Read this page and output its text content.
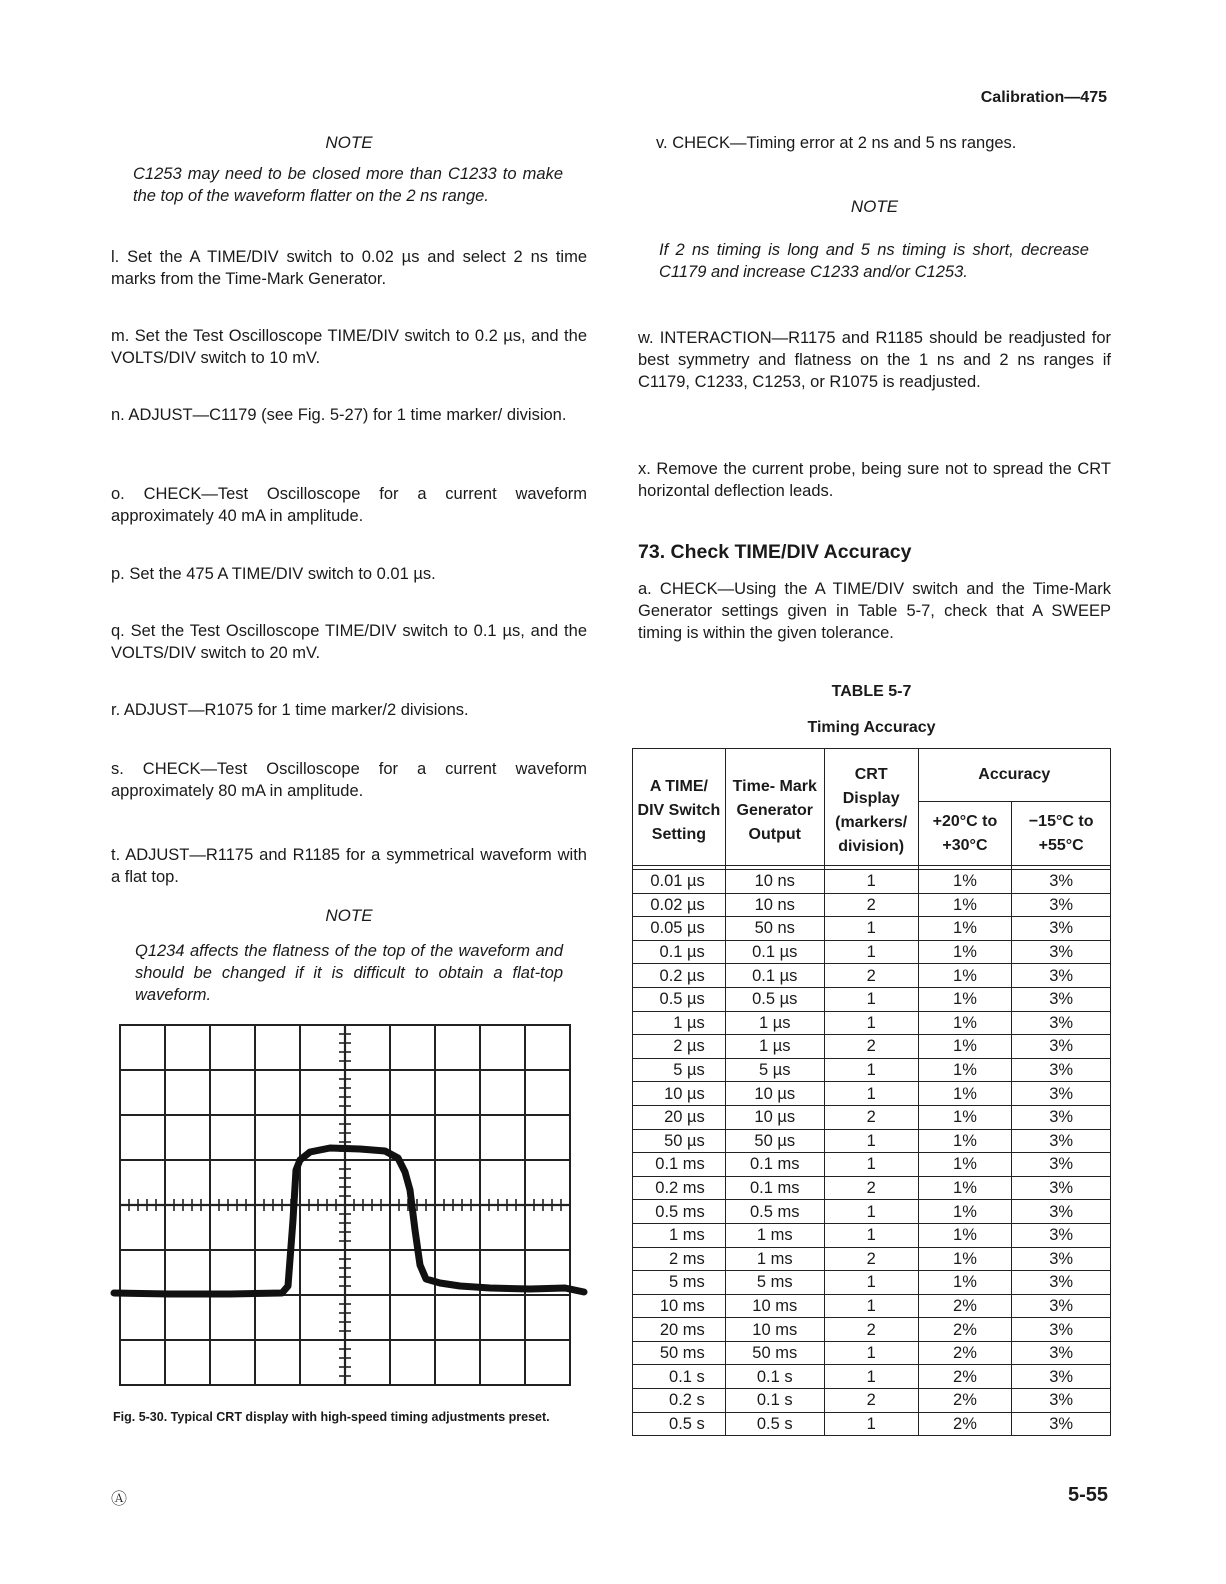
Calibration—475
NOTE
C1253 may need to be closed more than C1233 to make the top of the waveform flatter on the 2 ns range.
l. Set the A TIME/DIV switch to 0.02 µs and select 2 ns time marks from the Time-Mark Generator.
m. Set the Test Oscilloscope TIME/DIV switch to 0.2 µs, and the VOLTS/DIV switch to 10 mV.
n. ADJUST—C1179 (see Fig. 5-27) for 1 time marker/ division.
o. CHECK—Test Oscilloscope for a current waveform approximately 40 mA in amplitude.
p. Set the 475 A TIME/DIV switch to 0.01 µs.
q. Set the Test Oscilloscope TIME/DIV switch to 0.1 µs, and the VOLTS/DIV switch to 20 mV.
r. ADJUST—R1075 for 1 time marker/2 divisions.
s. CHECK—Test Oscilloscope for a current waveform approximately 80 mA in amplitude.
t. ADJUST—R1175 and R1185 for a symmetrical waveform with a flat top.
NOTE
Q1234 affects the flatness of the top of the waveform and should be changed if it is difficult to obtain a flat-top waveform.
Fig. 5-30. Typical CRT display with high-speed timing adjustments preset.
v. CHECK—Timing error at 2 ns and 5 ns ranges.
NOTE
If 2 ns timing is long and 5 ns timing is short, decrease C1179 and increase C1233 and/or C1253.
w. INTERACTION—R1175 and R1185 should be readjusted for best symmetry and flatness on the 1 ns and 2 ns ranges if C1179, C1233, C1253, or R1075 is readjusted.
x. Remove the current probe, being sure not to spread the CRT horizontal deflection leads.
73. Check TIME/DIV Accuracy
a. CHECK—Using the A TIME/DIV switch and the Time-Mark Generator settings given in Table 5-7, check that A SWEEP timing is within the given tolerance.
TABLE 5-7
Timing Accuracy
A TIME/ DIV Switch Setting	Time- Mark Generator Output	CRT Display (markers/ division)	Accuracy	
			+20°C to +30°C	−15°C to +55°C

0.01 µs	10 ns	1	1%	3%
0.02 µs	10 ns	2	1%	3%
0.05 µs	50 ns	1	1%	3%
0.1 µs	0.1 µs	1	1%	3%
0.2 µs	0.1 µs	2	1%	3%
0.5 µs	0.5 µs	1	1%	3%
1 µs	1 µs	1	1%	3%
2 µs	1 µs	2	1%	3%
5 µs	5 µs	1	1%	3%
10 µs	10 µs	1	1%	3%
20 µs	10 µs	2	1%	3%
50 µs	50 µs	1	1%	3%
0.1 ms	0.1 ms	1	1%	3%
0.2 ms	0.1 ms	2	1%	3%
0.5 ms	0.5 ms	1	1%	3%
1 ms	1 ms	1	1%	3%
2 ms	1 ms	2	1%	3%
5 ms	5 ms	1	1%	3%
10 ms	10 ms	1	2%	3%
20 ms	10 ms	2	2%	3%
50 ms	50 ms	1	2%	3%
0.1 s	0.1 s	1	2%	3%
0.2 s	0.1 s	2	2%	3%
0.5 s	0.5 s	1	2%	3%
Ⓐ	5-55
